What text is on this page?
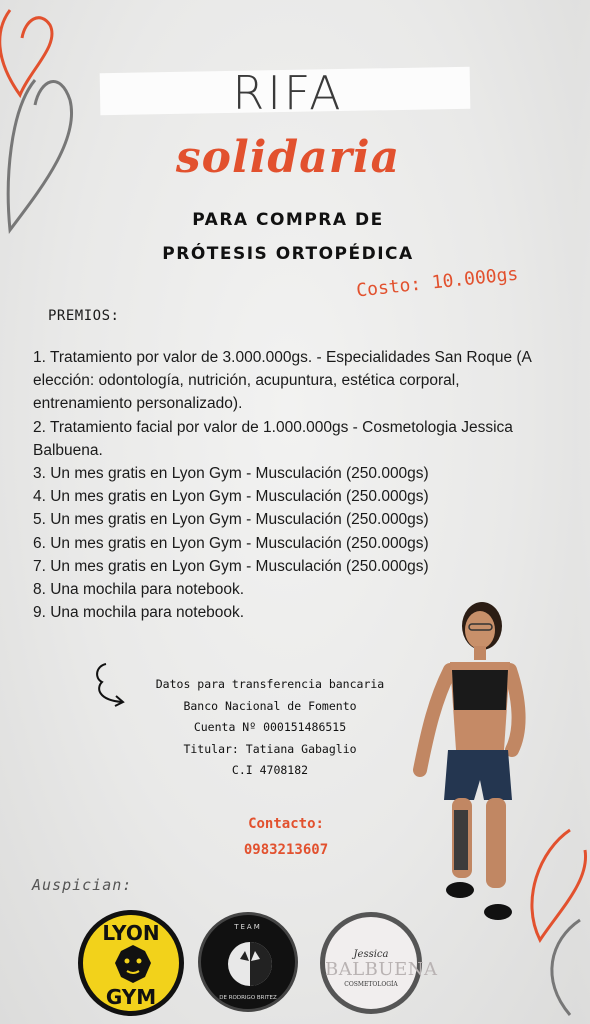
RIFA
solidaria
PARA COMPRA DE
PRÓTESIS ORTOPÉDICA
Costo: 10.000gs
PREMIOS:
1. Tratamiento por valor de 3.000.000gs. - Especialidades San Roque (A elección: odontología, nutrición, acupuntura, estética corporal, entrenamiento personalizado).
2. Tratamiento facial por valor de 1.000.000gs - Cosmetologia Jessica Balbuena.
3. Un mes gratis en Lyon Gym - Musculación (250.000gs)
4. Un mes gratis en Lyon Gym - Musculación (250.000gs)
5. Un mes gratis en Lyon Gym - Musculación (250.000gs)
6. Un mes gratis en Lyon Gym - Musculación (250.000gs)
7. Un mes gratis en Lyon Gym - Musculación (250.000gs)
8. Una mochila para notebook.
9. Una mochila para notebook.
Datos para transferencia bancaria
Banco Nacional de Fomento
Cuenta Nº 000151486515
Titular: Tatiana Gabaglio
C.I 4708182
Contacto:
0983213607
Auspician:
LYON
GYM
TEAM
DE RODRIGO BRITEZ
Jessica
BALBUENA
COSMETOLOGÍA
